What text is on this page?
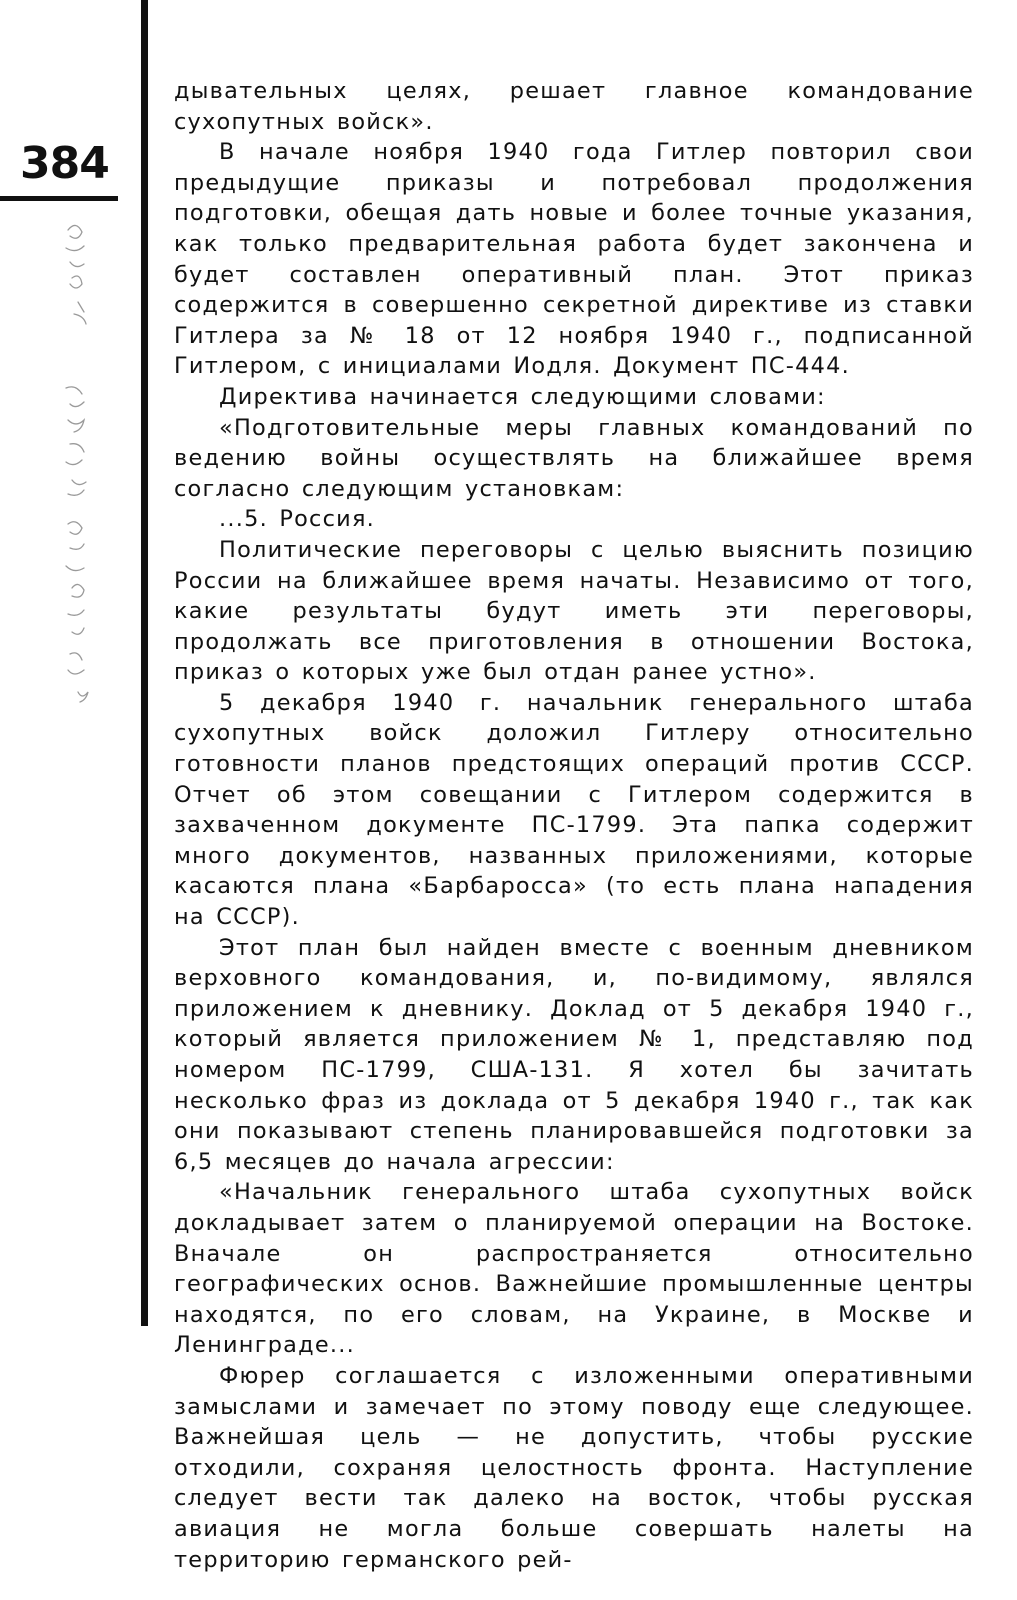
384

дывательных целях, решает главное командование сухопутных войск».

В начале ноября 1940 года Гитлер повторил свои предыдущие приказы и потребовал продолжения подготовки, обещая дать новые и более точные указания, как только предварительная работа будет закончена и будет составлен оперативный план. Этот приказ содержится в совершенно секретной директиве из ставки Гитлера за № 18 от 12 ноября 1940 г., подписанной Гитлером, с инициалами Иодля. Документ ПС-444.

Директива начинается следующими словами:

«Подготовительные меры главных командований по ведению войны осуществлять на ближайшее время согласно следующим установкам:

...5. Россия.

Политические переговоры с целью выяснить позицию России на ближайшее время начаты. Независимо от того, какие результаты будут иметь эти переговоры, продолжать все приготовления в отношении Востока, приказ о которых уже был отдан ранее устно».

5 декабря 1940 г. начальник генерального штаба сухопутных войск доложил Гитлеру относительно готовности планов предстоящих операций против СССР. Отчет об этом совещании с Гитлером содержится в захваченном документе ПС-1799. Эта папка содержит много документов, названных приложениями, которые касаются плана «Барбаросса» (то есть плана нападения на СССР).

Этот план был найден вместе с военным дневником верховного командования, и, по-видимому, являлся приложением к дневнику. Доклад от 5 декабря 1940 г., который является приложением № 1, представляю под номером ПС-1799, США-131. Я хотел бы зачитать несколько фраз из доклада от 5 декабря 1940 г., так как они показывают степень планировавшейся подготовки за 6,5 месяцев до начала агрессии:

«Начальник генерального штаба сухопутных войск докладывает затем о планируемой операции на Востоке. Вначале он распространяется относительно географических основ. Важнейшие промышленные центры находятся, по его словам, на Украине, в Москве и Ленинграде...

Фюрер соглашается с изложенными оперативными замыслами и замечает по этому поводу еще следующее. Важнейшая цель — не допустить, чтобы русские отходили, сохраняя целостность фронта. Наступление следует вести так далеко на восток, чтобы русская авиация не могла больше совершать налеты на территорию германского рей-
